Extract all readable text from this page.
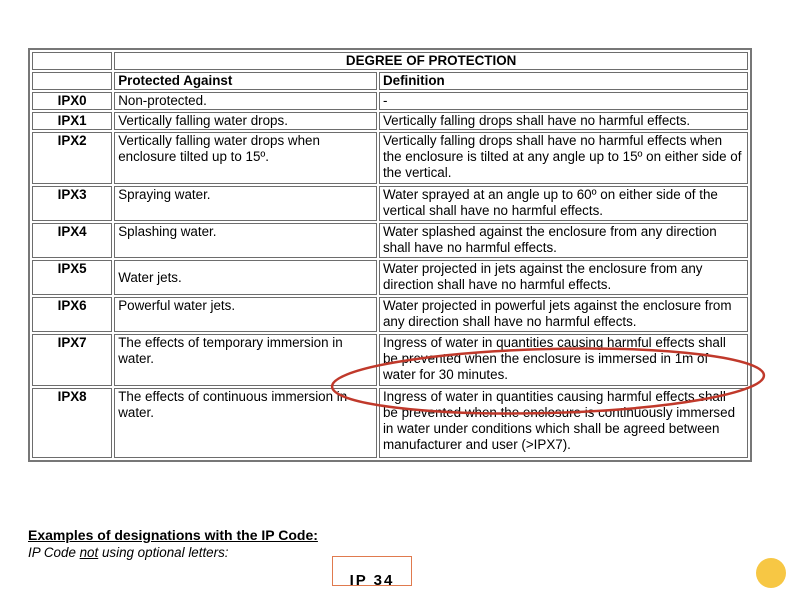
	DEGREE OF PROTECTION	
	Protected Against	Definition
IPX0	Non-protected.	-
IPX1	Vertically falling water drops.	Vertically falling drops shall have no harmful effects.
IPX2	Vertically falling water drops when enclosure tilted up to 15º.	Vertically falling drops shall have no harmful effects when the enclosure is tilted at any angle up to 15º on either side of the vertical.
IPX3	Spraying water.	Water sprayed at an angle up to 60º on either side of the vertical shall have no harmful effects.
IPX4	Splashing water.	Water splashed against the enclosure from any direction shall have no harmful effects.
IPX5	Water jets.	Water projected in jets against the enclosure from any direction shall have no harmful effects.
IPX6	Powerful water jets.	Water projected in powerful jets against the enclosure from any direction shall have no harmful effects.
IPX7	The effects of temporary immersion in water.	Ingress of water in quantities causing harmful effects shall be prevented when the enclosure is immersed in 1m of water for 30 minutes.
IPX8	The effects of continuous immersion in water.	Ingress of water in quantities causing harmful effects shall be prevented when the enclosure is continuously immersed in water under conditions which shall be agreed between manufacturer and user (>IPX7).
Examples of designations with the IP Code:
IP Code not using optional letters:
IP 34
